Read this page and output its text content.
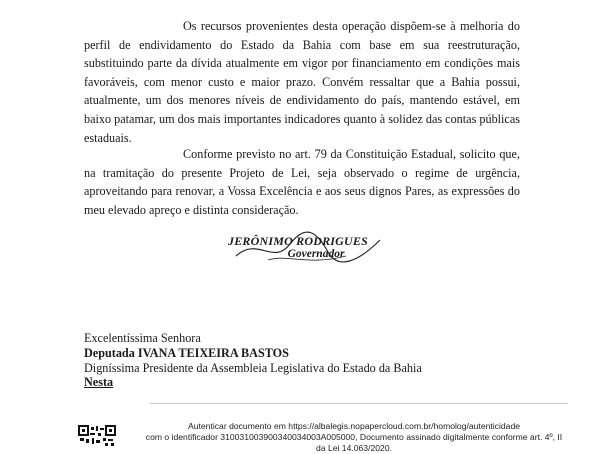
Os recursos provenientes desta operação dispõem-se à melhoria do perfil de endividamento do Estado da Bahia com base em sua reestruturação, substituindo parte da dívida atualmente em vigor por financiamento em condições mais favoráveis, com menor custo e maior prazo. Convém ressaltar que a Bahia possui, atualmente, um dos menores níveis de endividamento do país, mantendo estável, em baixo patamar, um dos mais importantes indicadores quanto à solidez das contas públicas estaduais.

Conforme previsto no art. 79 da Constituição Estadual, solicito que, na tramitação do presente Projeto de Lei, seja observado o regime de urgência, aproveitando para renovar, a Vossa Excelência e aos seus dignos Pares, as expressões do meu elevado apreço e distinta consideração.

JERÔNIMO RODRIGUES
Governador

Excelentíssima Senhora

Deputada IVANA TEIXEIRA BASTOS

Digníssima Presidente da Assembleia Legislativa do Estado da Bahia

Nesta

Autenticar documento em https://albalegis.nopapercloud.com.br/homolog/autenticidade

com o identificador 310031003900340034003A005000, Documento assinado digitalmente conforme art. 4º, II

da Lei 14.063/2020.
